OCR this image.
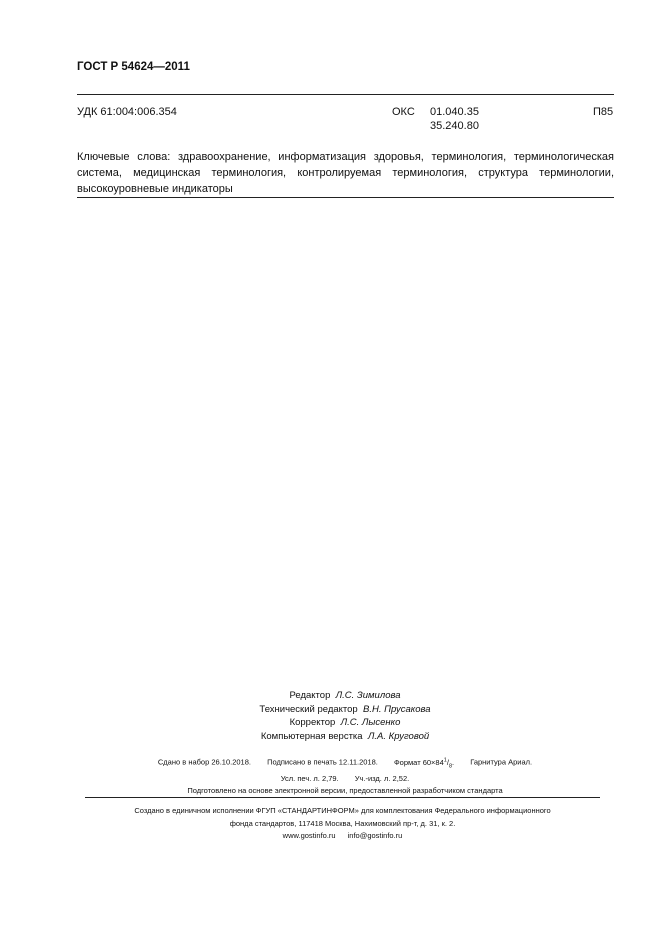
ГОСТ Р 54624—2011
УДК 61:004:006.354	ОКС 01.040.35
35.240.80
П85
Ключевые слова: здравоохранение, информатизация здоровья, терминология, терминологическая система, медицинская терминология, контролируемая терминология, структура терминологии, высокоуровневые индикаторы
Редактор Л.С. Зимилова
Технический редактор В.Н. Прусакова
Корректор Л.С. Лысенко
Компьютерная верстка Л.А. Круговой
Сдано в набор 26.10.2018. Подписано в печать 12.11.2018. Формат $60\times 84^1/_8$. Гарнитура Ариал.
Усл. печ. л. 2,79. Уч.-изд. л. 2,52.
Подготовлено на основе электронной версии, предоставленной разработчиком стандарта
Создано в единичном исполнении ФГУП «СТАНДАРТИНФОРМ» для комплектования Федерального информационного
фонда стандартов, 117418 Москва, Нахимовский пр-т, д. 31, к. 2.
www.gostinfo.ru info@gostinfo.ru
